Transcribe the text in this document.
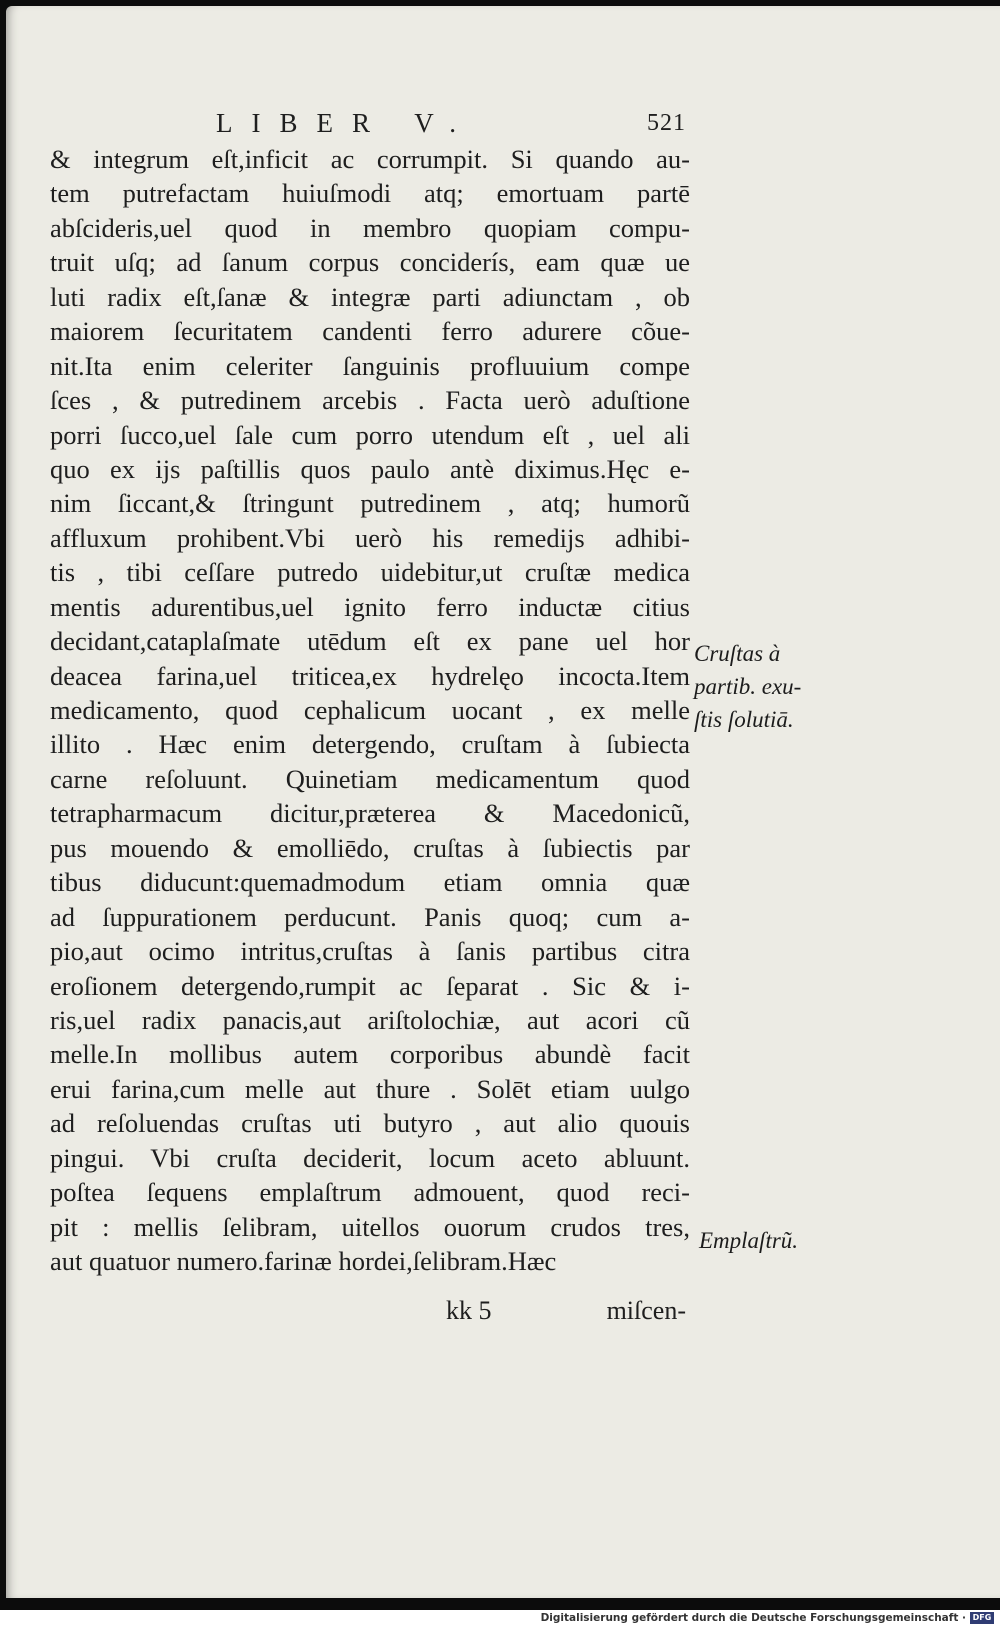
LIBER V.	521
& integrum eſt,inficit ac corrumpit. Si quando au-
tem putrefactam huiuſmodi atq; emortuam partē
abſcideris,uel quod in membro quopiam compu-
truit uſq; ad ſanum corpus conciderís, eam quæ ue
luti radix eſt,ſanæ & integræ parti adiunctam , ob
maiorem ſecuritatem candenti ferro adurere cõue-
nit.Ita enim celeriter ſanguinis profluuium compe
ſces , & putredinem arcebis . Facta uerò aduſtione
porri ſucco,uel ſale cum porro utendum eſt , uel ali
quo ex ijs paſtillis quos paulo antè diximus.Hęc e-
nim ſiccant,& ſtringunt putredinem , atq; humorũ
affluxum prohibent.Vbi uerò his remedijs adhibi-
tis , tibi ceſſare putredo uidebitur,ut cruſtæ medica
mentis adurentibus,uel ignito ferro inductæ citius
decidant,cataplaſmate utēdum eſt ex pane uel hor
deacea farina,uel triticea,ex hydrelęo incocta.Item
medicamento, quod cephalicum uocant , ex melle
illito . Hæc enim detergendo, cruſtam à ſubiecta
carne reſoluunt. Quinetiam medicamentum quod
tetrapharmacum dicitur,præterea & Macedonicũ,
pus mouendo & emolliēdo, cruſtas à ſubiectis par
tibus diducunt:quemadmodum etiam omnia quæ
ad ſuppurationem perducunt. Panis quoq; cum a-
pio,aut ocimo intritus,cruſtas à ſanis partibus citra
eroſionem detergendo,rumpit ac ſeparat . Sic & i-
ris,uel radix panacis,aut ariſtolochiæ, aut acori cũ
melle.In mollibus autem corporibus abundè facit
erui farina,cum melle aut thure . Solēt etiam uulgo
ad reſoluendas cruſtas uti butyro , aut alio quouis
pingui. Vbi cruſta deciderit, locum aceto abluunt.
poſtea ſequens emplaſtrum admouent, quod reci-
pit : mellis ſelibram, uitellos ouorum crudos tres,
aut quatuor numero.farinæ hordei,ſelibram.Hæc
kk 5	miſcen-
Cruſtas à
partib. exu-
ſtis ſolutiā.
Emplaſtrũ.
Digitalisierung gefördert durch die Deutsche Forschungsgemeinschaft · DFG
